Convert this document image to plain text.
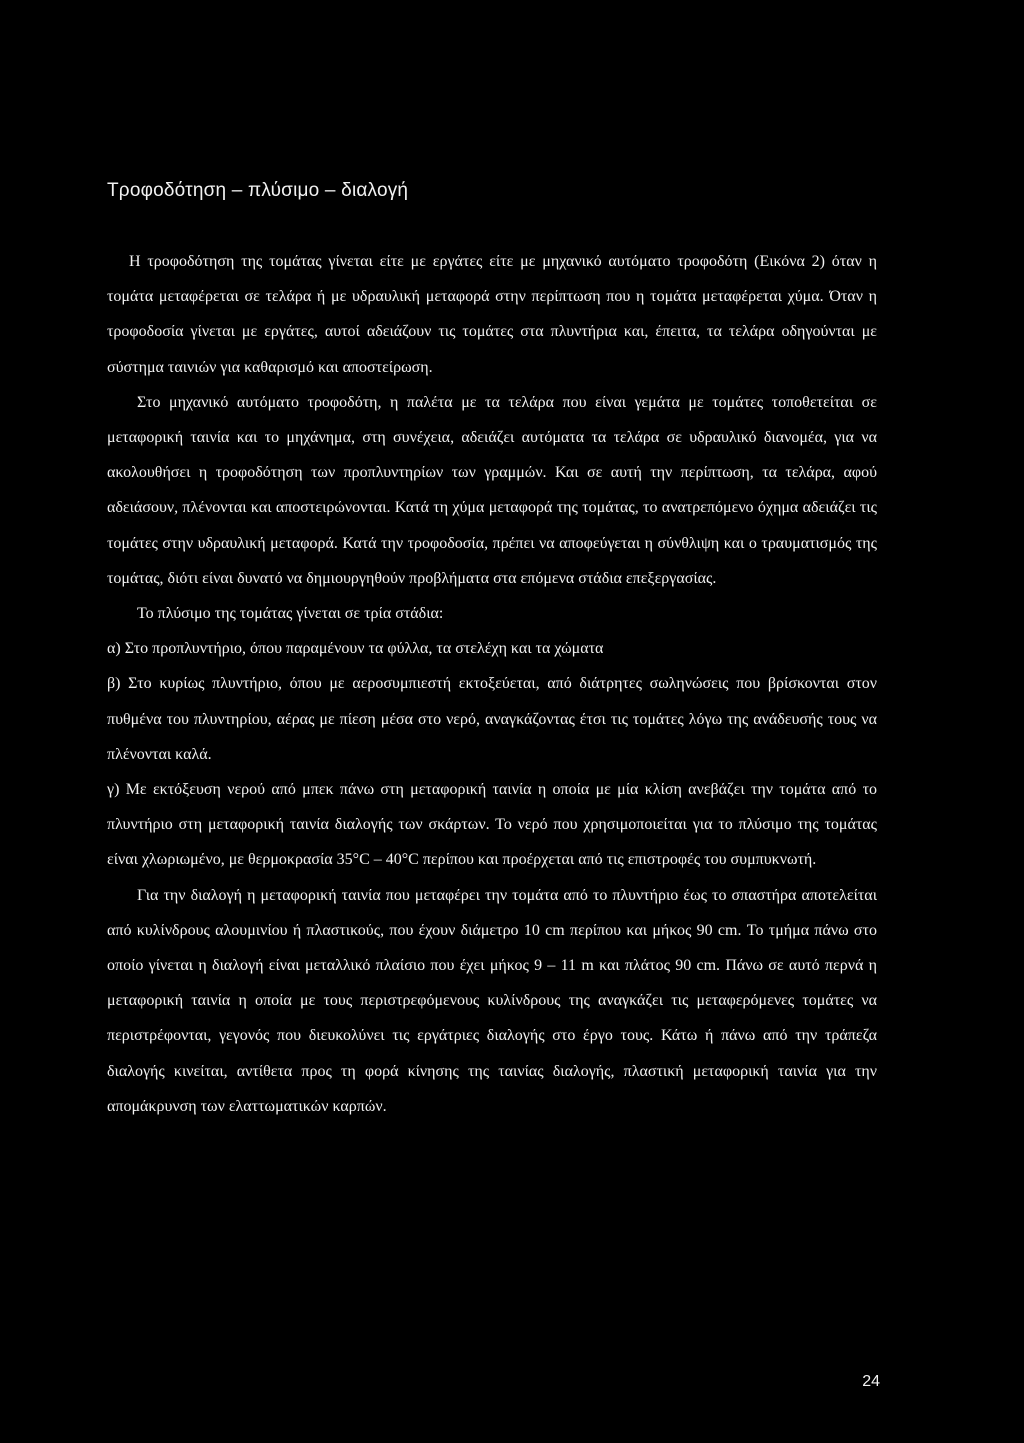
Τροφοδότηση – πλύσιμο – διαλογή

Η τροφοδότηση της τομάτας γίνεται είτε με εργάτες είτε με μηχανικό αυτόματο τροφοδότη (Εικόνα 2) όταν η τομάτα μεταφέρεται σε τελάρα ή με υδραυλική μεταφορά στην περίπτωση που η τομάτα μεταφέρεται χύμα. Όταν η τροφοδοσία γίνεται με εργάτες, αυτοί αδειάζουν τις τομάτες στα πλυντήρια και, έπειτα, τα τελάρα οδηγούνται με σύστημα ταινιών για καθαρισμό και αποστείρωση.

Στο μηχανικό αυτόματο τροφοδότη, η παλέτα με τα τελάρα που είναι γεμάτα με τομάτες τοποθετείται σε μεταφορική ταινία και το μηχάνημα, στη συνέχεια, αδειάζει αυτόματα τα τελάρα σε υδραυλικό διανομέα, για να ακολουθήσει η τροφοδότηση των προπλυντηρίων των γραμμών. Και σε αυτή την περίπτωση, τα τελάρα, αφού αδειάσουν, πλένονται και αποστειρώνονται. Κατά τη χύμα μεταφορά της τομάτας, το ανατρεπόμενο όχημα αδειάζει τις τομάτες στην υδραυλική μεταφορά. Κατά την τροφοδοσία, πρέπει να αποφεύγεται η σύνθλιψη και ο τραυματισμός της τομάτας, διότι είναι δυνατό να δημιουργηθούν προβλήματα στα επόμενα στάδια επεξεργασίας.

Το πλύσιμο της τομάτας γίνεται σε τρία στάδια:

α) Στο προπλυντήριο, όπου παραμένουν τα φύλλα, τα στελέχη και τα χώματα

β) Στο κυρίως πλυντήριο, όπου με αεροσυμπιεστή εκτοξεύεται, από διάτρητες σωληνώσεις που βρίσκονται στον πυθμένα του πλυντηρίου, αέρας με πίεση μέσα στο νερό, αναγκάζοντας έτσι τις τομάτες λόγω της ανάδευσής τους να πλένονται καλά.

γ) Με εκτόξευση νερού από μπεκ πάνω στη μεταφορική ταινία η οποία με μία κλίση ανεβάζει την τομάτα από το πλυντήριο στη μεταφορική ταινία διαλογής των σκάρτων. Το νερό που χρησιμοποιείται για το πλύσιμο της τομάτας είναι χλωριωμένο, με θερμοκρασία 35°C – 40°C περίπου και προέρχεται από τις επιστροφές του συμπυκνωτή.

Για την διαλογή η μεταφορική ταινία που μεταφέρει την τομάτα από το πλυντήριο έως το σπαστήρα αποτελείται από κυλίνδρους αλουμινίου ή πλαστικούς, που έχουν διάμετρο 10 cm περίπου και μήκος 90 cm. Το τμήμα πάνω στο οποίο γίνεται η διαλογή είναι μεταλλικό πλαίσιο που έχει μήκος 9 – 11 m και πλάτος 90 cm. Πάνω σε αυτό περνά η μεταφορική ταινία η οποία με τους περιστρεφόμενους κυλίνδρους της αναγκάζει τις μεταφερόμενες τομάτες να περιστρέφονται, γεγονός που διευκολύνει τις εργάτριες διαλογής στο έργο τους. Κάτω ή πάνω από την τράπεζα διαλογής κινείται, αντίθετα προς τη φορά κίνησης της ταινίας διαλογής, πλαστική μεταφορική ταινία για την απομάκρυνση των ελαττωματικών καρπών.

24
